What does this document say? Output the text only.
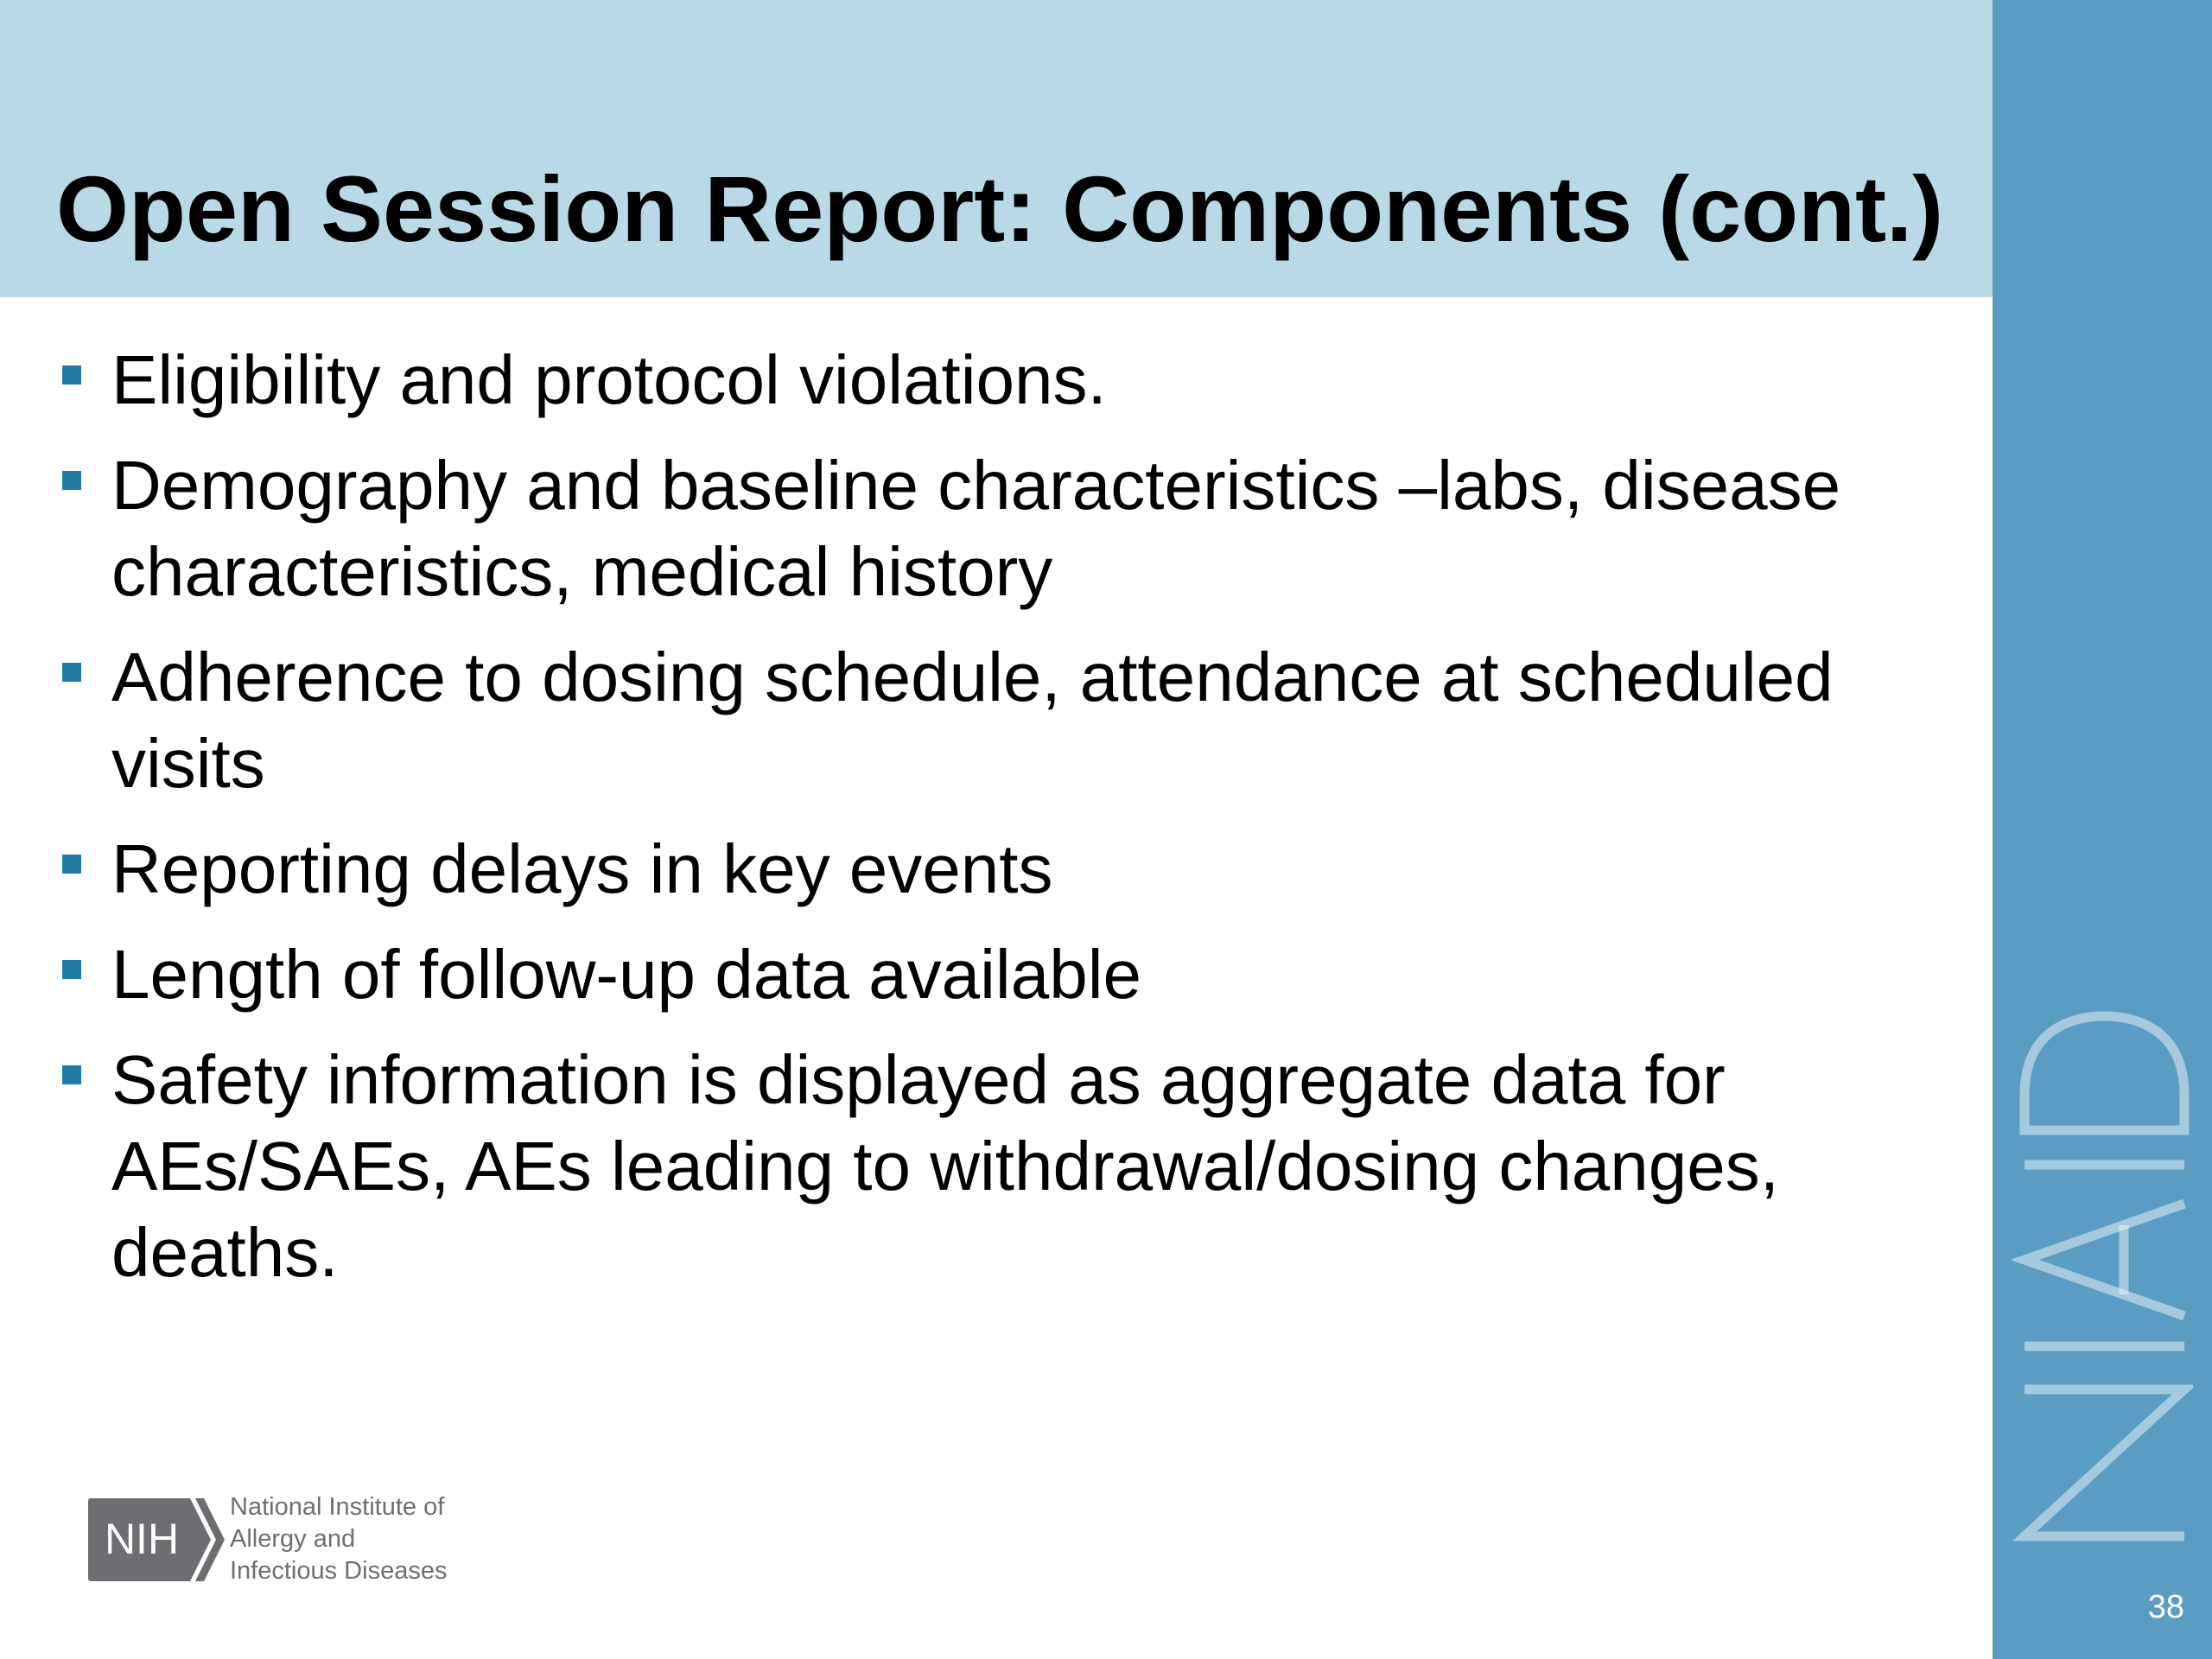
Open Session Report: Components (cont.)
Eligibility and protocol violations.
Demography and baseline characteristics –labs, disease characteristics, medical history
Adherence to dosing schedule, attendance at scheduled visits
Reporting delays in key events
Length of follow-up data available
Safety information is displayed as aggregate data for AEs/SAEs, AEs leading to withdrawal/dosing changes, deaths.
38
NIH
National Institute of
Allergy and
Infectious Diseases
